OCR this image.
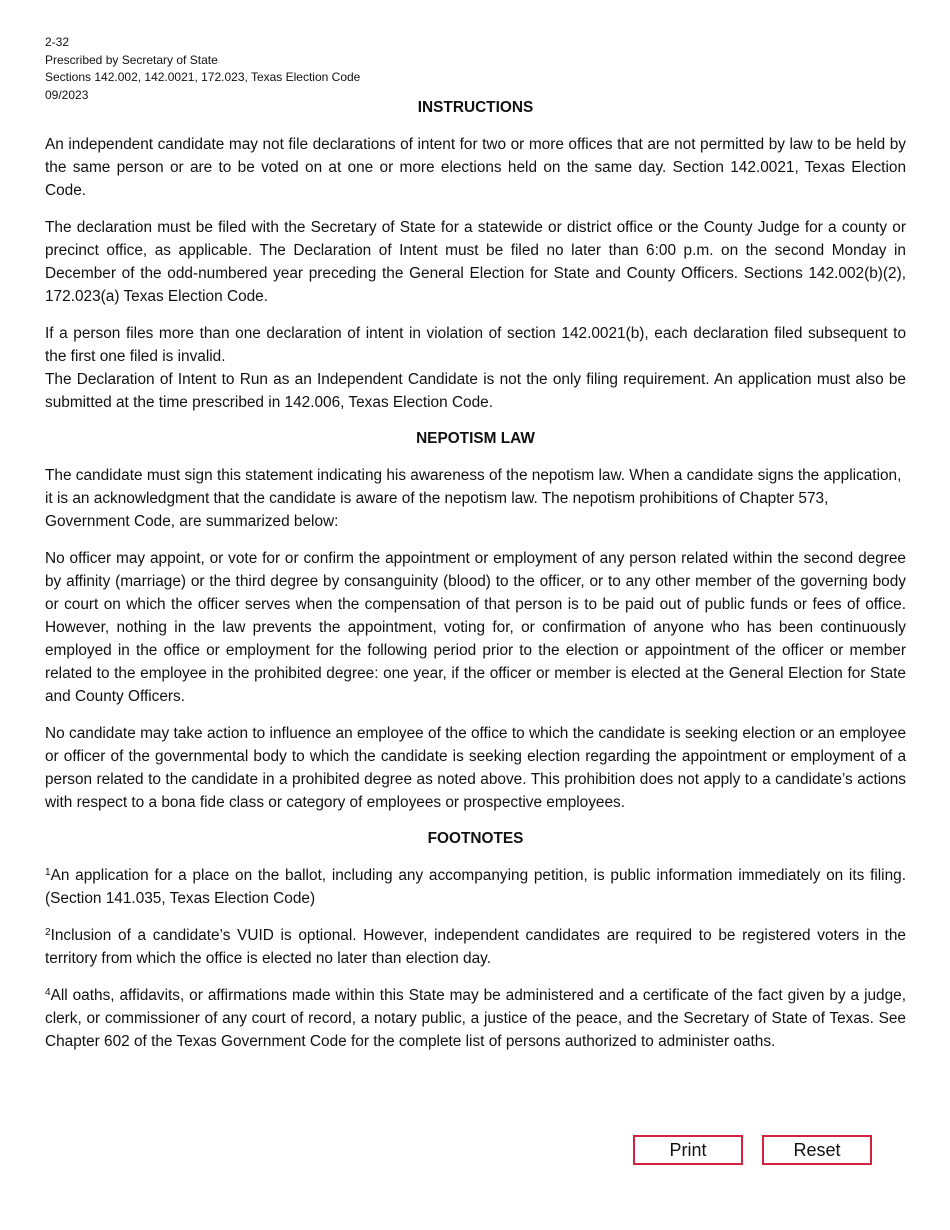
2-32
Prescribed by Secretary of State
Sections 142.002, 142.0021, 172.023, Texas Election Code
09/2023
INSTRUCTIONS

An independent candidate may not file declarations of intent for two or more offices that are not permitted by law to be held by the same person or are to be voted on at one or more elections held on the same day. Section 142.0021, Texas Election Code.

The declaration must be filed with the Secretary of State for a statewide or district office or the County Judge for a county or precinct office, as applicable. The Declaration of Intent must be filed no later than 6:00 p.m. on the second Monday in December of the odd-numbered year preceding the General Election for State and County Officers. Sections 142.002(b)(2), 172.023(a) Texas Election Code.

If a person files more than one declaration of intent in violation of section 142.0021(b), each declaration filed subsequent to the first one filed is invalid.

The Declaration of Intent to Run as an Independent Candidate is not the only filing requirement. An application must also be submitted at the time prescribed in 142.006, Texas Election Code.

NEPOTISM LAW

The candidate must sign this statement indicating his awareness of the nepotism law. When a candidate signs the application, it is an acknowledgment that the candidate is aware of the nepotism law. The nepotism prohibitions of Chapter 573, Government Code, are summarized below:

No officer may appoint, or vote for or confirm the appointment or employment of any person related within the second degree by affinity (marriage) or the third degree by consanguinity (blood) to the officer, or to any other member of the governing body or court on which the officer serves when the compensation of that person is to be paid out of public funds or fees of office. However, nothing in the law prevents the appointment, voting for, or confirmation of anyone who has been continuously employed in the office or employment for the following period prior to the election or appointment of the officer or member related to the employee in the prohibited degree: one year, if the officer or member is elected at the General Election for State and County Officers.

No candidate may take action to influence an employee of the office to which the candidate is seeking election or an employee or officer of the governmental body to which the candidate is seeking election regarding the appointment or employment of a person related to the candidate in a prohibited degree as noted above. This prohibition does not apply to a candidate’s actions with respect to a bona fide class or category of employees or prospective employees.

FOOTNOTES

$^1$An application for a place on the ballot, including any accompanying petition, is public information immediately on its filing. (Section 141.035, Texas Election Code)

$^2$Inclusion of a candidate’s VUID is optional. However, independent candidates are required to be registered voters in the territory from which the office is elected no later than election day.

$^4$All oaths, affidavits, or affirmations made within this State may be administered and a certificate of the fact given by a judge, clerk, or commissioner of any court of record, a notary public, a justice of the peace, and the Secretary of State of Texas. See Chapter 602 of the Texas Government Code for the complete list of persons authorized to administer oaths.

Print	Reset
